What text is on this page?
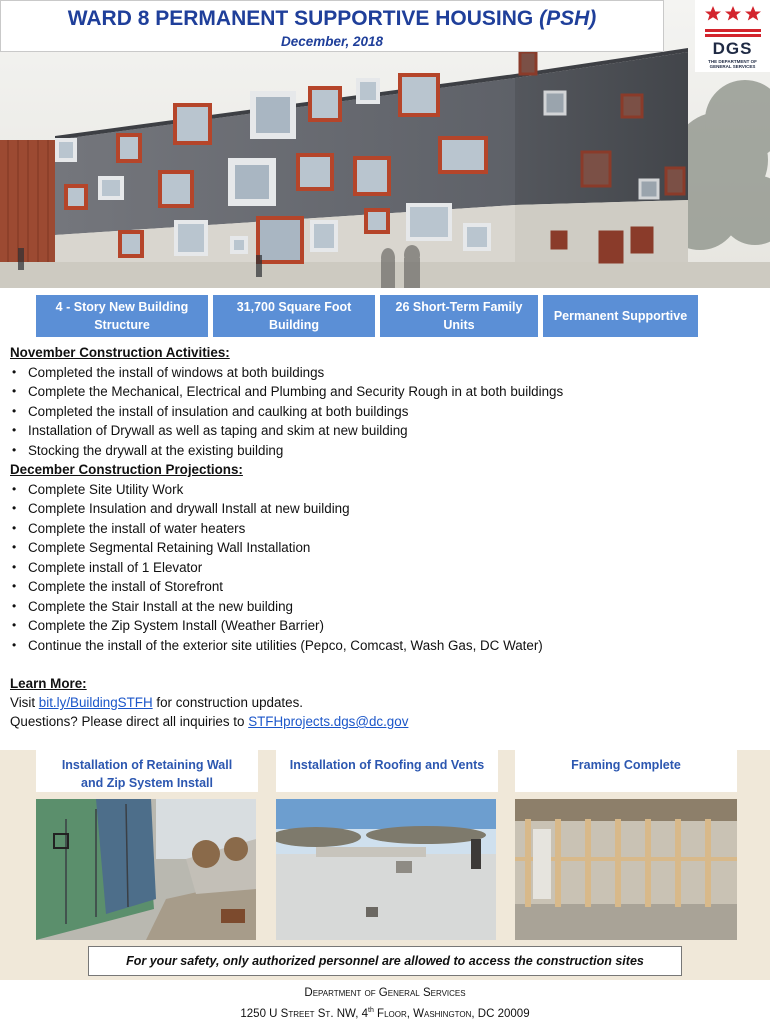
WARD 8 PERMANENT SUPPORTIVE HOUSING (PSH)
December, 2018	DGS
THE DEPARTMENT OF
GENERAL SERVICES
4 - Story New Building
Structure
31,700 Square Foot
Building
26 Short-Term Family
Units
Permanent Supportive

November Construction Activities:

• Completed the install of windows at both buildings
• Complete the Mechanical, Electrical and Plumbing and Security Rough in at both buildings
• Completed the install of insulation and caulking at both buildings
• Installation of Drywall as well as taping and skim at new building
• Stocking the drywall at the existing building

December Construction Projections:

• Complete Site Utility Work
• Complete Insulation and drywall Install at new building
• Complete the install of water heaters
• Complete Segmental Retaining Wall Installation
• Complete install of 1 Elevator
• Complete the install of Storefront
• Complete the Stair Install at the new building
• Complete the Zip System Install (Weather Barrier)
• Continue the install of the exterior site utilities (Pepco, Comcast, Wash Gas, DC Water)

Learn More:

Visit bit.ly/BuildingSTFH for construction updates.

Questions? Please direct all inquiries to STFHprojects.dgs@dc.gov

Installation of Retaining Wall
and Zip System Install
Installation of Roofing and Vents	Framing Complete
For your safety, only authorized personnel are allowed to access the construction sites
Department of General Services
1250 U Street St. NW, 4th Floor, Washington, DC 20009
